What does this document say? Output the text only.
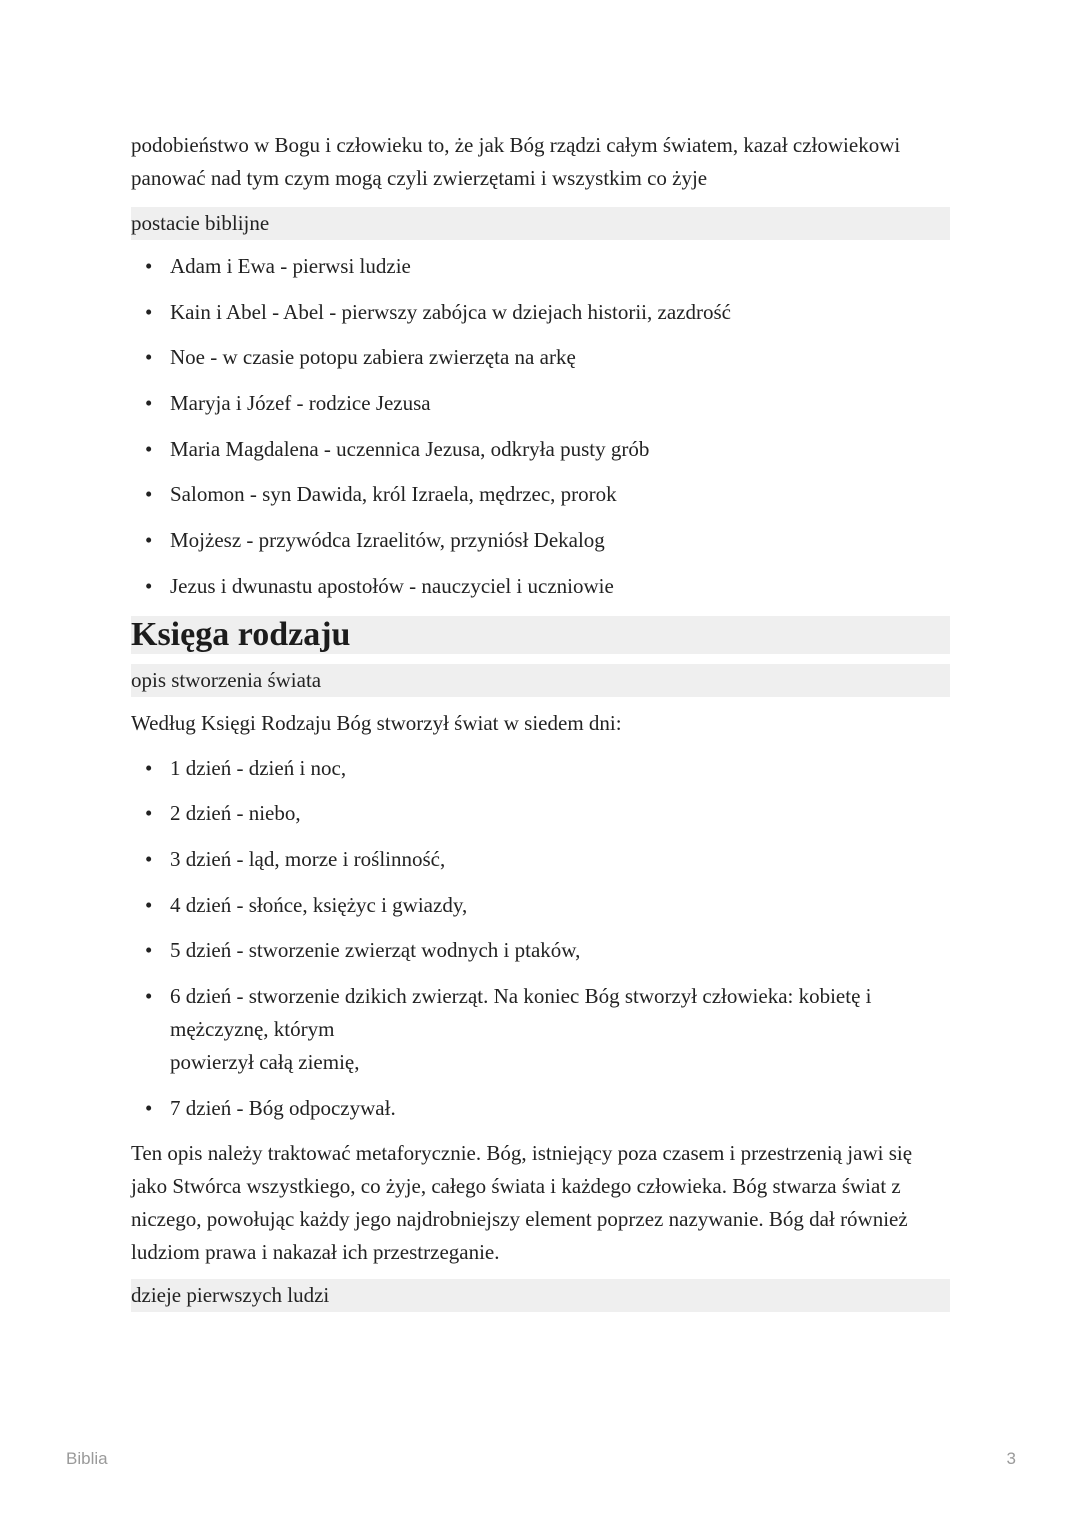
podobieństwo w Bogu i człowieku to, że jak Bóg rządzi całym światem, kazał człowiekowi panować nad tym czym mogą czyli zwierzętami i wszystkim co żyje

postacie biblijne
• Adam i Ewa - pierwsi ludzie
• Kain i Abel - Abel - pierwszy zabójca w dziejach historii, zazdrość
• Noe - w czasie potopu zabiera zwierzęta na arkę
• Maryja i Józef - rodzice Jezusa
• Maria Magdalena - uczennica Jezusa, odkryła pusty grób
• Salomon - syn Dawida, król Izraela, mędrzec, prorok
• Mojżesz - przywódca Izraelitów, przyniósł Dekalog
• Jezus i dwunastu apostołów - nauczyciel i uczniowie
Księga rodzaju
opis stworzenia świata

Według Księgi Rodzaju Bóg stworzył świat w siedem dni:

• 1 dzień - dzień i noc,
• 2 dzień - niebo,
• 3 dzień - ląd, morze i roślinność,
• 4 dzień - słońce, księżyc i gwiazdy,
• 5 dzień - stworzenie zwierząt wodnych i ptaków,
• 6 dzień - stworzenie dzikich zwierząt. Na koniec Bóg stworzył człowieka: kobietę i
mężczyznę, którym
powierzył całą ziemię,
• 7 dzień - Bóg odpoczywał.

Ten opis należy traktować metaforycznie. Bóg, istniejący poza czasem i przestrzenią jawi się jako Stwórca wszystkiego, co żyje, całego świata i każdego człowieka. Bóg stwarza świat z niczego, powołując każdy jego najdrobniejszy element poprzez nazywanie. Bóg dał również ludziom prawa i nakazał ich przestrzeganie.

dzieje pierwszych ludzi
Biblia	3
